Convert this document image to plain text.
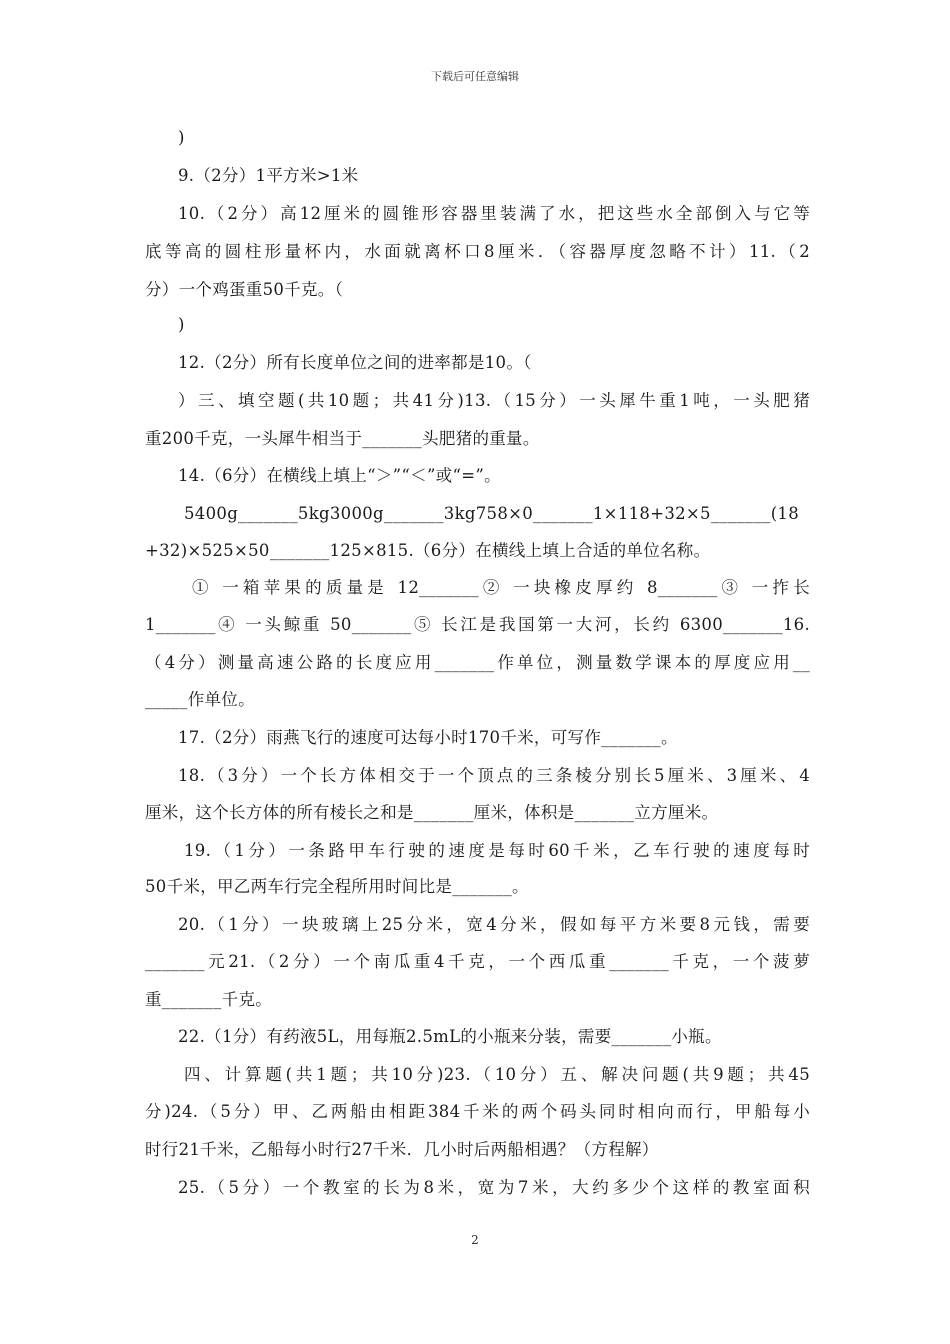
下载后可任意编辑
)
9.（2分）1平方米>1米
10.（2分）高12厘米的圆锥形容器里装满了水，把这些水全部倒入与它等
底等高的圆柱形量杯内，水面就离杯口8厘米．（容器厚度忽略不计）11.（2
分）一个鸡蛋重50千克。（
)
12.（2分）所有长度单位之间的进率都是10。（
）三、填空题(共10题；共41分)13.（15分）一头犀牛重1吨，一头肥猪
重200千克，一头犀牛相当于_______头肥猪的重量。
14.（6分）在横线上填上“＞”“＜”或“=”。
5400g_______5kg3000g_______3kg758×0_______1×118+32×5_______(18
+32)×525×50_______125×815.（6分）在横线上填上合适的单位名称。
① 一箱苹果的质量是 12_______② 一块橡皮厚约 8_______③ 一拃长
1_______④ 一头鲸重 50_______⑤ 长江是我国第一大河，长约 6300_______16.
（4分）测量高速公路的长度应用_______作单位，测量数学课本的厚度应用__
_____作单位。
17.（2分）雨燕飞行的速度可达每小时170千米，可写作_______。
18.（3分）一个长方体相交于一个顶点的三条棱分别长5厘米、3厘米、4
厘米，这个长方体的所有棱长之和是_______厘米，体积是_______立方厘米。
19.（1分）一条路甲车行驶的速度是每时60千米，乙车行驶的速度每时
50千米，甲乙两车行完全程所用时间比是_______。
20.（1分）一块玻璃上25分米，宽4分米，假如每平方米要8元钱，需要
_______元21.（2分）一个南瓜重4千克，一个西瓜重_______千克，一个菠萝
重_______千克。
22.（1分）有药液5L，用每瓶2.5mL的小瓶来分装，需要_______小瓶。
四、计算题(共1题；共10分)23.（10分）五、解决问题(共9题；共45
分)24.（5分）甲、乙两船由相距384千米的两个码头同时相向而行，甲船每小
时行21千米，乙船每小时行27千米．几小时后两船相遇？（方程解）
25.（5分）一个教室的长为8米，宽为7米，大约多少个这样的教室面积
2
